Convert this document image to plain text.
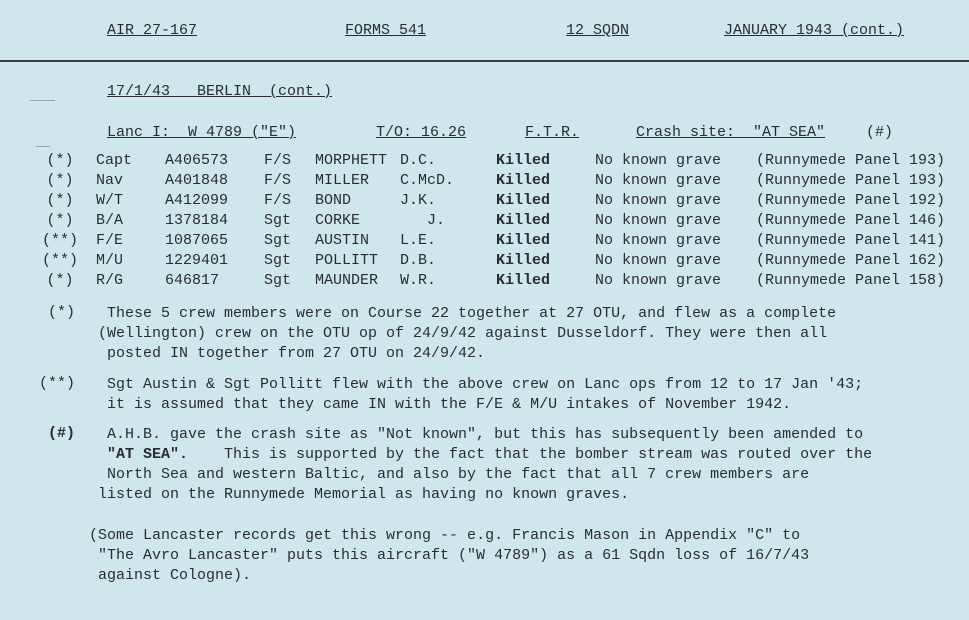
AIR 27-167	FORMS 541	12 SQDN	JANUARY 1943 (cont.)
17/1/43   BERLIN  (cont.)
Lanc I:  W 4789 ("E")	T/O: 16.26	F.T.R.	Crash site:  "AT SEA"	(#)
(*)	Capt A406573 F/S MORPHETT D.C.	Killed	No known grave (Runnymede Panel 193)
(*)	Nav	A401848 F/S MILLER C.McD.	Killed	No known grave (Runnymede Panel 193)
(*)	W/T	A412099 F/S BOND	J.K.	Killed	No known grave (Runnymede Panel 192)
(*)	B/A	1378184 Sgt CORKE	J.	Killed	No known grave (Runnymede Panel 146)
(**) F/E	1087065 Sgt AUSTIN L.E.	Killed	No known grave (Runnymede Panel 141)
(**) M/U	1229401 Sgt POLLITT D.B.	Killed	No known grave (Runnymede Panel 162)
(*)	R/G	646817	Sgt MAUNDER W.R.	Killed	No known grave (Runnymede Panel 158)
(*) These 5 crew members were on Course 22 together at 27 OTU, and flew as a complete
(Wellington) crew on the OTU op of 24/9/42 against Dusseldorf. They were then all
posted IN together from 27 OTU on 24/9/42.
(**) Sgt Austin & Sgt Pollitt flew with the above crew on Lanc ops from 12 to 17 Jan '43;
it is assumed that they came IN with the F/E & M/U intakes of November 1942.
(#) A.H.B. gave the crash site as "Not known", but this has subsequently been amended to
"AT SEA". This is supported by the fact that the bomber stream was routed over the
North Sea and western Baltic, and also by the fact that all 7 crew members are
listed on the Runnymede Memorial as having no known graves.
(Some Lancaster records get this wrong -- e.g. Francis Mason in Appendix "C" to
"The Avro Lancaster" puts this aircraft ("W 4789") as a 61 Sqdn loss of 16/7/43
against Cologne).
